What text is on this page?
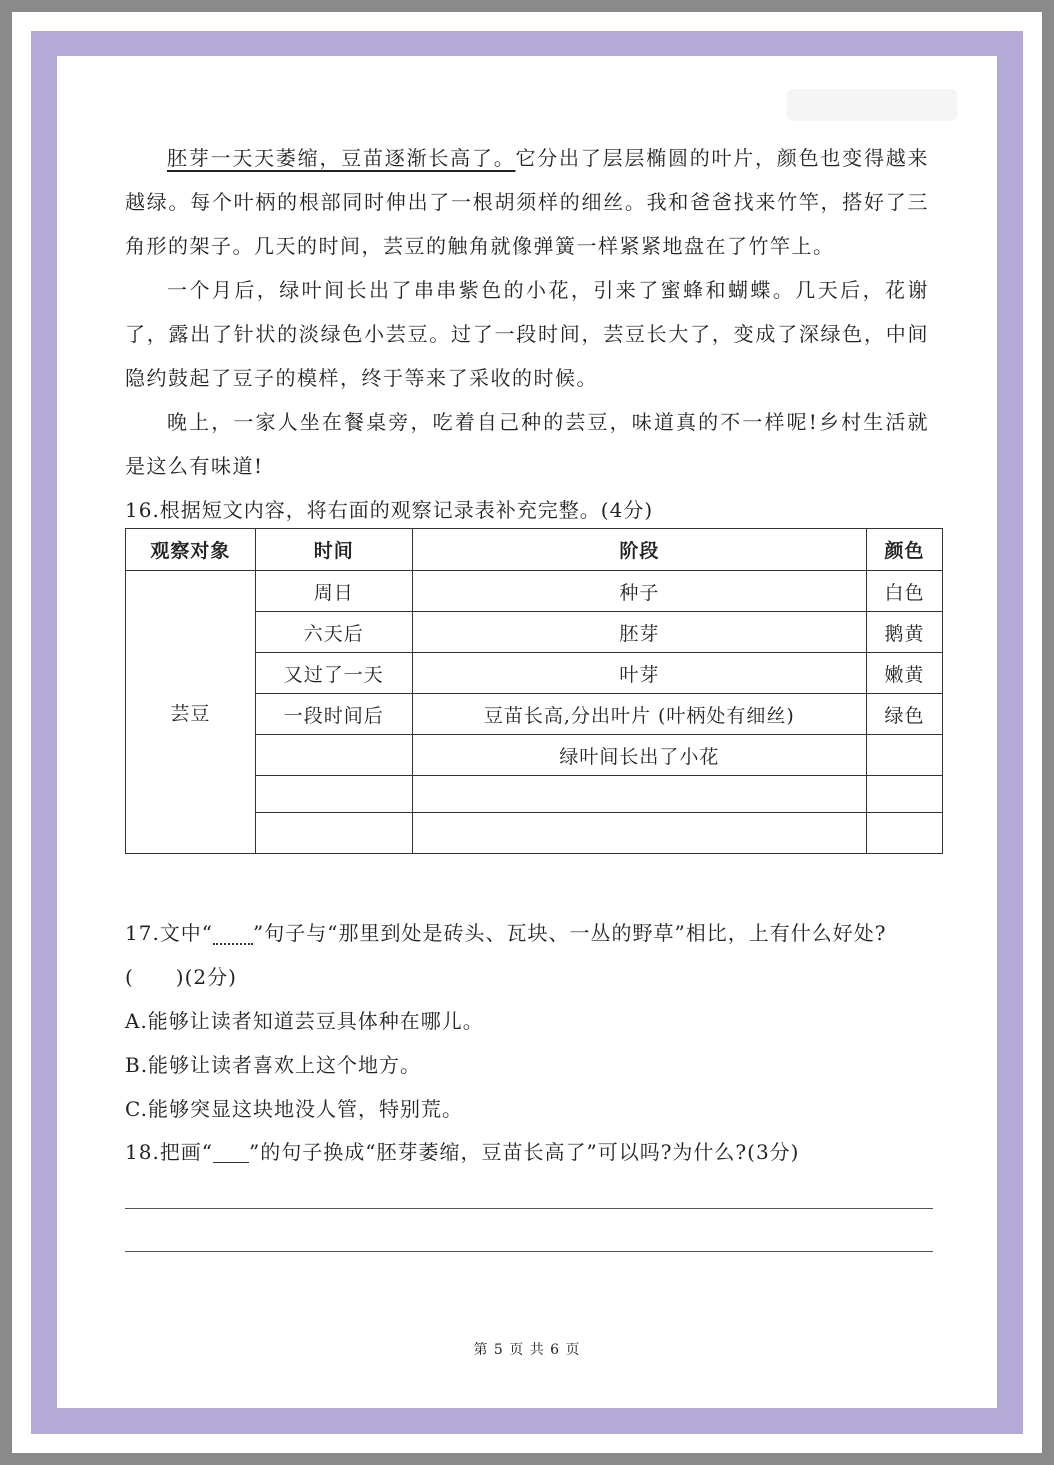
胚芽一天天萎缩，豆苗逐渐长高了。它分出了层层椭圆的叶片，颜色也变得越来越绿。每个叶柄的根部同时伸出了一根胡须样的细丝。我和爸爸找来竹竿，搭好了三角形的架子。几天的时间，芸豆的触角就像弹簧一样紧紧地盘在了竹竿上。

一个月后，绿叶间长出了串串紫色的小花，引来了蜜蜂和蝴蝶。几天后，花谢了，露出了针状的淡绿色小芸豆。过了一段时间，芸豆长大了，变成了深绿色，中间隐约鼓起了豆子的模样，终于等来了采收的时候。

晚上，一家人坐在餐桌旁，吃着自己种的芸豆，味道真的不一样呢!乡村生活就是这么有味道!

16.根据短文内容，将右面的观察记录表补充完整。(4分)

观察对象	时间	阶段	颜色
芸豆	周日	种子	白色
	六天后	胚芽	鹅黄
	又过了一天	叶芽	嫩黄
	一段时间后	豆苗长高,分出叶片 (叶柄处有细丝)	绿色
		绿叶间长出了小花	

17.文中“ ”句子与“那里到处是砖头、瓦块、一丛的野草”相比，上有什么好处?(　　)(2分)

A.能够让读者知道芸豆具体种在哪儿。

B.能够让读者喜欢上这个地方。

C.能够突显这块地没人管，特别荒。

18.把画“ ”的句子换成“胚芽萎缩，豆苗长高了”可以吗?为什么?(3分)

第 5 页 共 6 页
